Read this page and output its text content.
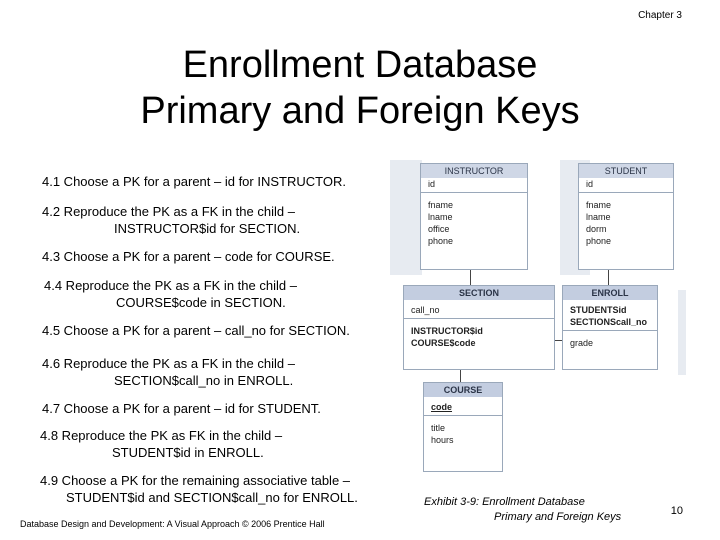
Chapter 3
Enrollment Database
Primary and Foreign Keys
4.1 Choose a PK for a parent – id for INSTRUCTOR.
4.2 Reproduce the PK as a FK in the child –
INSTRUCTOR$id for SECTION.
4.3 Choose a PK for a parent – code for COURSE.
4.4 Reproduce the PK as a FK in the child –
COURSE$code in SECTION.
4.5 Choose a PK for a parent – call_no for SECTION.
4.6 Reproduce the PK as a FK in the child –
SECTION$call_no in ENROLL.
4.7 Choose a PK for a parent – id for STUDENT.
4.8 Reproduce the PK as FK in the child –
STUDENT$id in ENROLL.
4.9 Choose a PK for the remaining associative table –
STUDENT$id and SECTION$call_no for ENROLL.
INSTRUCTOR
id
fname
lname
office
phone
STUDENT
id
fname
lname
dorm
phone
SECTION
call_no
INSTRUCTOR$id
COURSE$code
ENROLL
STUDENTSid
SECTIONScall_no
grade
COURSE
code
title
hours
Exhibit 3-9: Enrollment Database
Primary and Foreign Keys
Database Design and Development: A Visual Approach © 2006 Prentice Hall
10
